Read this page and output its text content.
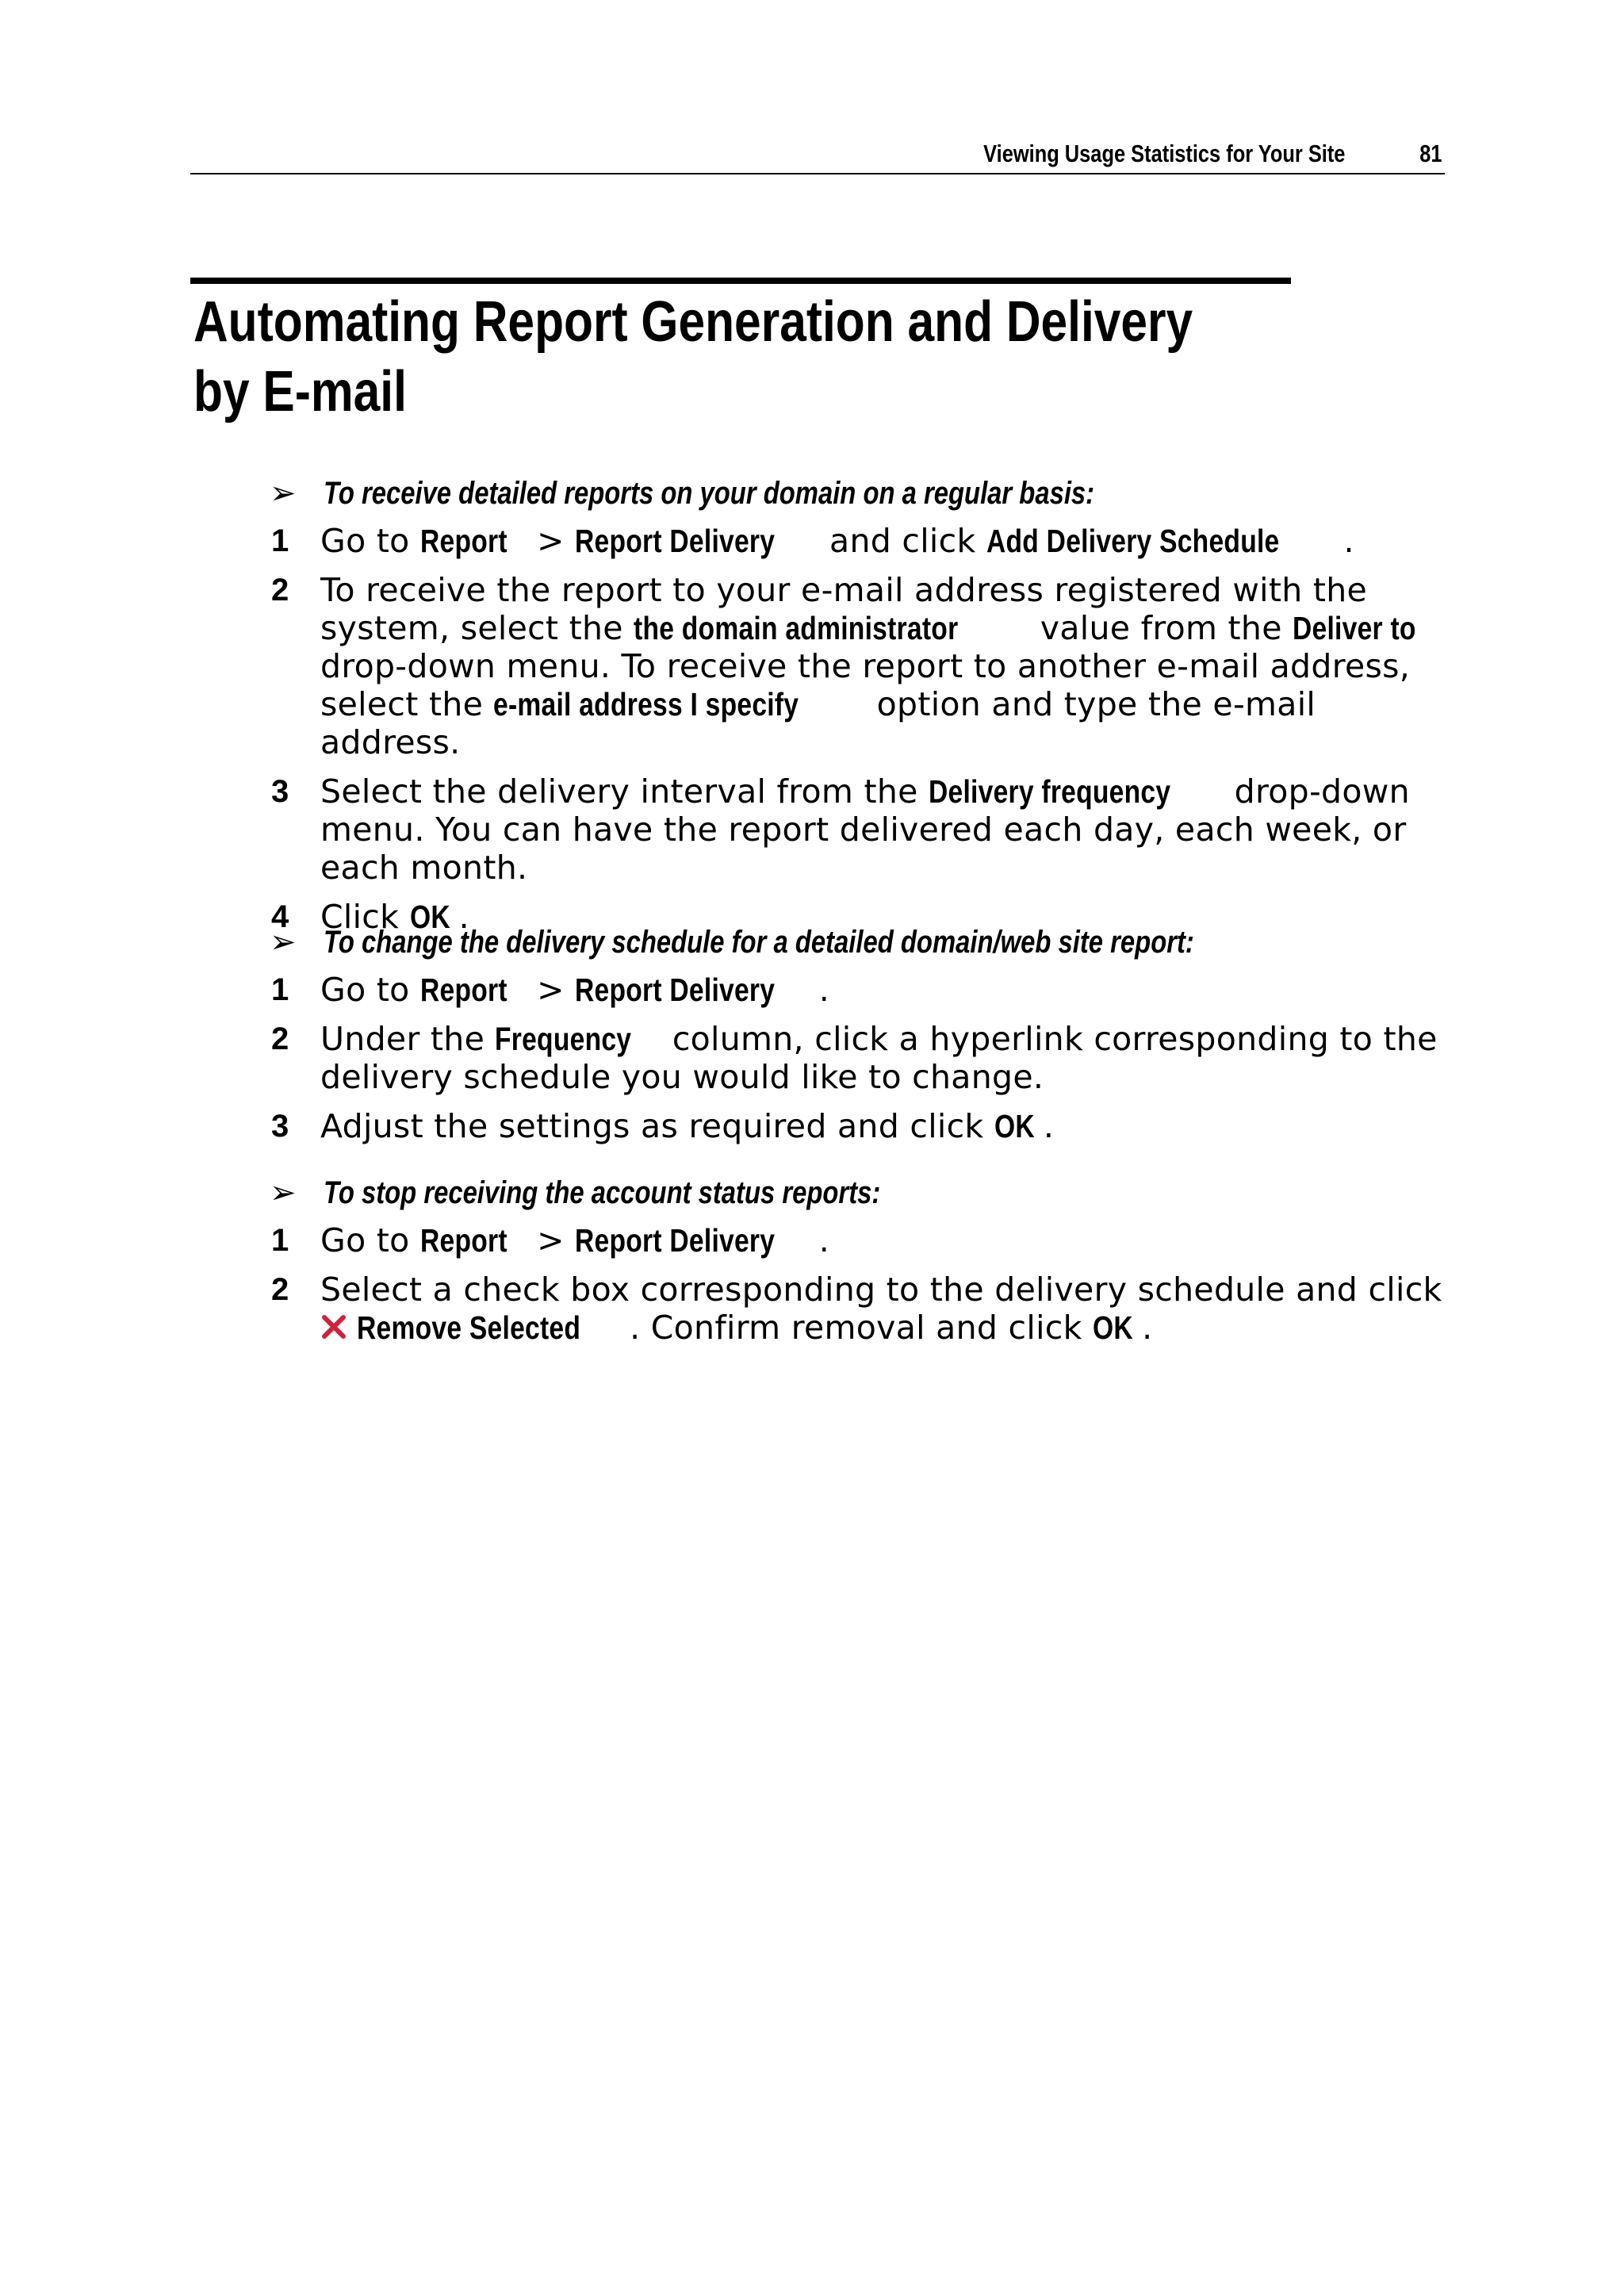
Viewing Usage Statistics for Your Site	81
Automating Report Generation and Delivery
by E-mail
➢ To receive detailed reports on your domain on a regular basis:
1 Go to Report > Report Delivery and click Add Delivery Schedule .
2 To receive the report to your e-mail address registered with the system, select the the domain administrator value from the Deliver to drop-down menu. To receive the report to another e-mail address, select the e-mail address I specify option and type the e-mail address.
3 Select the delivery interval from the Delivery frequency drop-down menu. You can have the report delivered each day, each week, or each month.
4 Click OK .
➢ To change the delivery schedule for a detailed domain/web site report:
1 Go to Report > Report Delivery .
2 Under the Frequency column, click a hyperlink corresponding to the delivery schedule you would like to change.
3 Adjust the settings as required and click OK .
➢ To stop receiving the account status reports:
1 Go to Report > Report Delivery .
2 Select a check box corresponding to the delivery schedule and click
Remove Selected . Confirm removal and click OK .
